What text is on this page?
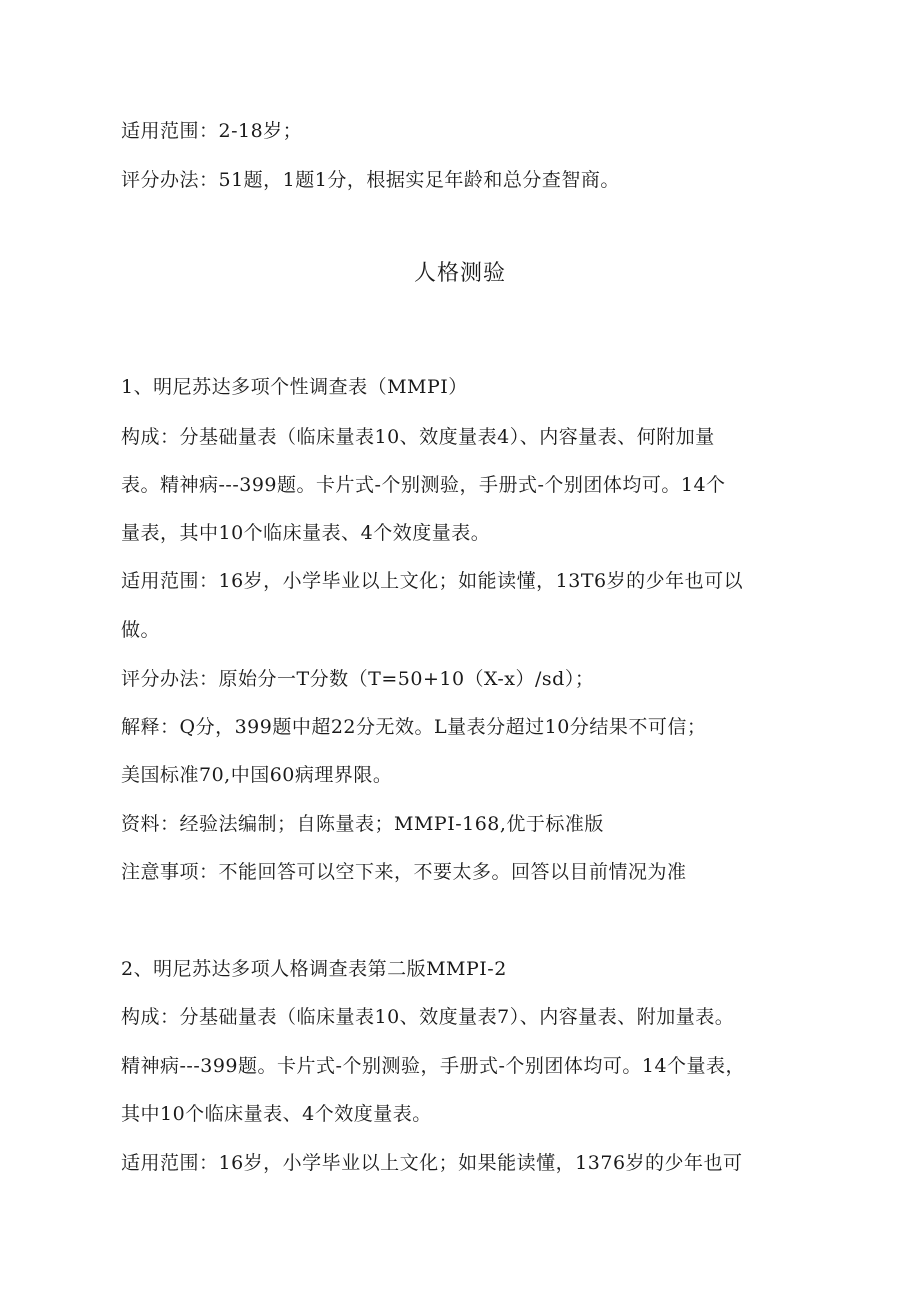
适用范围：2-18岁；
评分办法：51题，1题1分，根据实足年龄和总分查智商。
人格测验
1、明尼苏达多项个性调查表（MMPI）
构成：分基础量表（临床量表10、效度量表4）、内容量表、何附加量
表。精神病---399题。卡片式-个别测验，手册式-个别团体均可。14个
量表，其中10个临床量表、4个效度量表。
适用范围：16岁，小学毕业以上文化；如能读懂，13T6岁的少年也可以
做。
评分办法：原始分一T分数（T=50+10（X-x）/sd）；
解释：Q分，399题中超22分无效。L量表分超过10分结果不可信；
美国标准70,中国60病理界限。
资料：经验法编制；自陈量表；MMPI-168,优于标准版
注意事项：不能回答可以空下来，不要太多。回答以目前情况为准
2、明尼苏达多项人格调查表第二版MMPI-2
构成：分基础量表（临床量表10、效度量表7）、内容量表、附加量表。
精神病---399题。卡片式-个别测验，手册式-个别团体均可。14个量表，
其中10个临床量表、4个效度量表。
适用范围：16岁，小学毕业以上文化；如果能读懂，1376岁的少年也可
